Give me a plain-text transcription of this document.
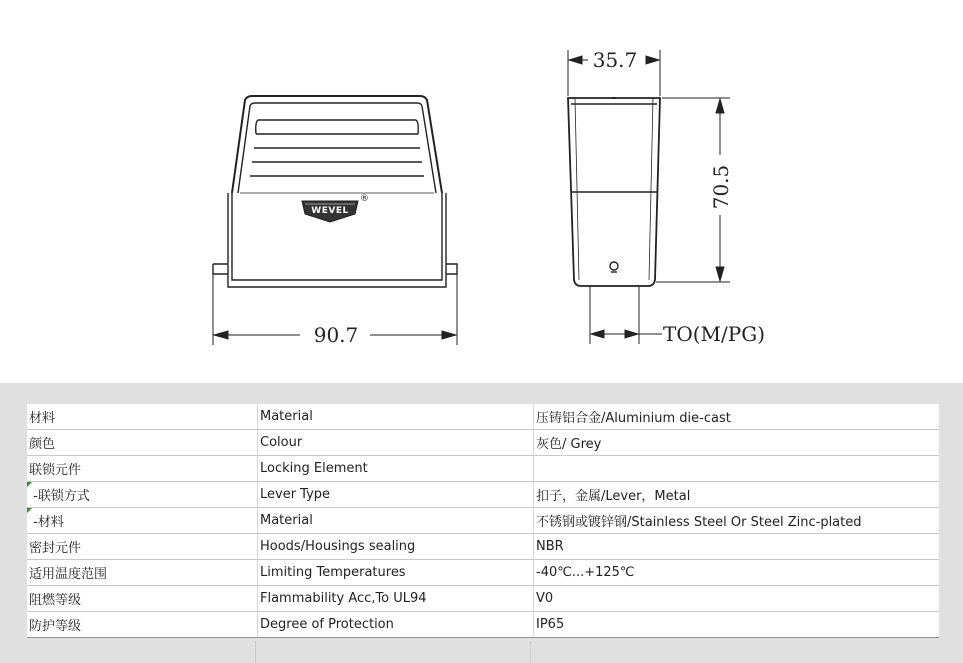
WEVEL
®
90.7
35.7
70.5
TO(M/PG)
材料	Material	压铸铝合金/Aluminium die-cast
颜色	Colour	灰色/ Grey
联锁元件	Locking Element	

-联锁方式	Lever Type	扣子，金属/Lever，Metal

-材料	Material	不锈钢或镀锌钢/Stainless Steel Or Steel Zinc-plated
密封元件	Hoods/Housings sealing	NBR
适用温度范围	Limiting Temperatures	-40℃...+125℃
阻燃等级	Flammability Acc,To UL94	V0
防护等级	Degree of Protection	IP65
